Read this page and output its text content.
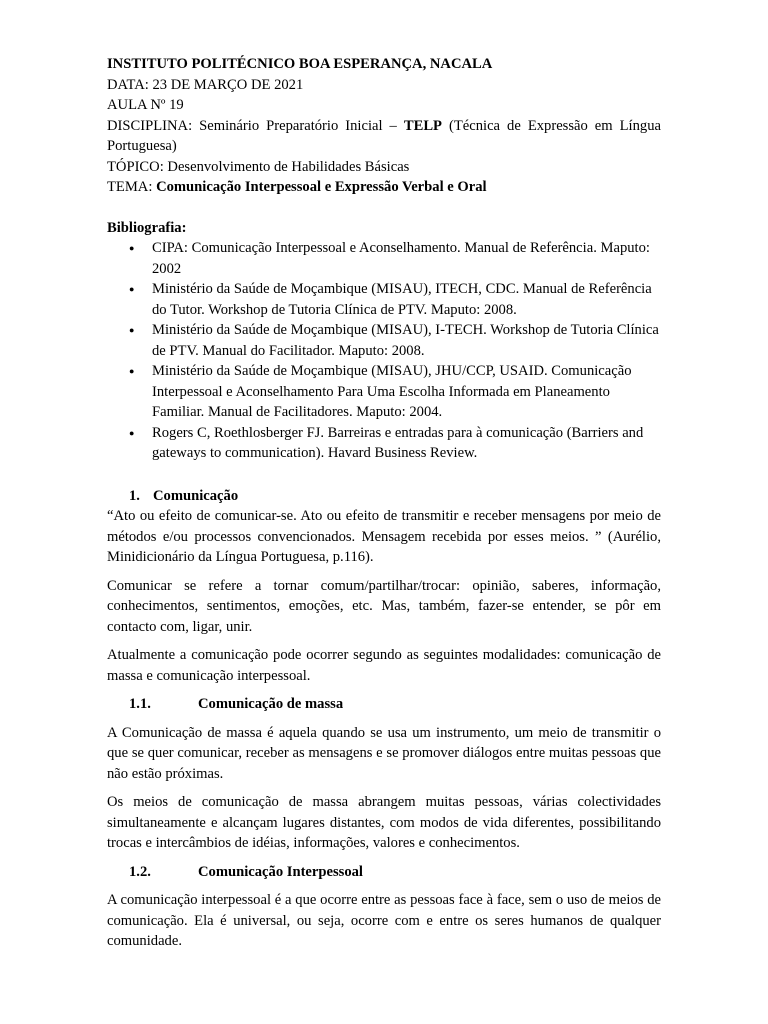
INSTITUTO POLITÉCNICO BOA ESPERANÇA, NACALA

DATA: 23 DE MARÇO DE 2021

AULA Nº 19

DISCIPLINA: Seminário Preparatório Inicial – TELP (Técnica de Expressão em Língua Portuguesa)

TÓPICO: Desenvolvimento de Habilidades Básicas

TEMA: Comunicação Interpessoal e Expressão Verbal e Oral

Bibliografia:

● CIPA: Comunicação Interpessoal e Aconselhamento. Manual de Referência. Maputo: 2002
● Ministério da Saúde de Moçambique (MISAU), ITECH, CDC. Manual de Referência do Tutor. Workshop de Tutoria Clínica de PTV. Maputo: 2008.
● Ministério da Saúde de Moçambique (MISAU), I-TECH. Workshop de Tutoria Clínica de PTV. Manual do Facilitador. Maputo: 2008.
● Ministério da Saúde de Moçambique (MISAU), JHU/CCP, USAID. Comunicação Interpessoal e Aconselhamento Para Uma Escolha Informada em Planeamento Familiar. Manual de Facilitadores. Maputo: 2004.
● Rogers C, Roethlosberger FJ. Barreiras e entradas para à comunicação (Barriers and gateways to communication). Havard Business Review.

1. Comunicação

“Ato ou efeito de comunicar-se. Ato ou efeito de transmitir e receber mensagens por meio de métodos e/ou processos convencionados. Mensagem recebida por esses meios. ” (Aurélio, Minidicionário da Língua Portuguesa, p.116).

Comunicar se refere a tornar comum/partilhar/trocar: opinião, saberes, informação, conhecimentos, sentimentos, emoções, etc. Mas, também, fazer-se entender, se pôr em contacto com, ligar, unir.

Atualmente a comunicação pode ocorrer segundo as seguintes modalidades: comunicação de massa e comunicação interpessoal.

1.1.	Comunicação de massa

A Comunicação de massa é aquela quando se usa um instrumento, um meio de transmitir o que se quer comunicar, receber as mensagens e se promover diálogos entre muitas pessoas que não estão próximas.

Os meios de comunicação de massa abrangem muitas pessoas, várias colectividades simultaneamente e alcançam lugares distantes, com modos de vida diferentes, possibilitando trocas e intercâmbios de idéias, informações, valores e conhecimentos.

1.2.	Comunicação Interpessoal

A comunicação interpessoal é a que ocorre entre as pessoas face à face, sem o uso de meios de comunicação. Ela é universal, ou seja, ocorre com e entre os seres humanos de qualquer comunidade.
